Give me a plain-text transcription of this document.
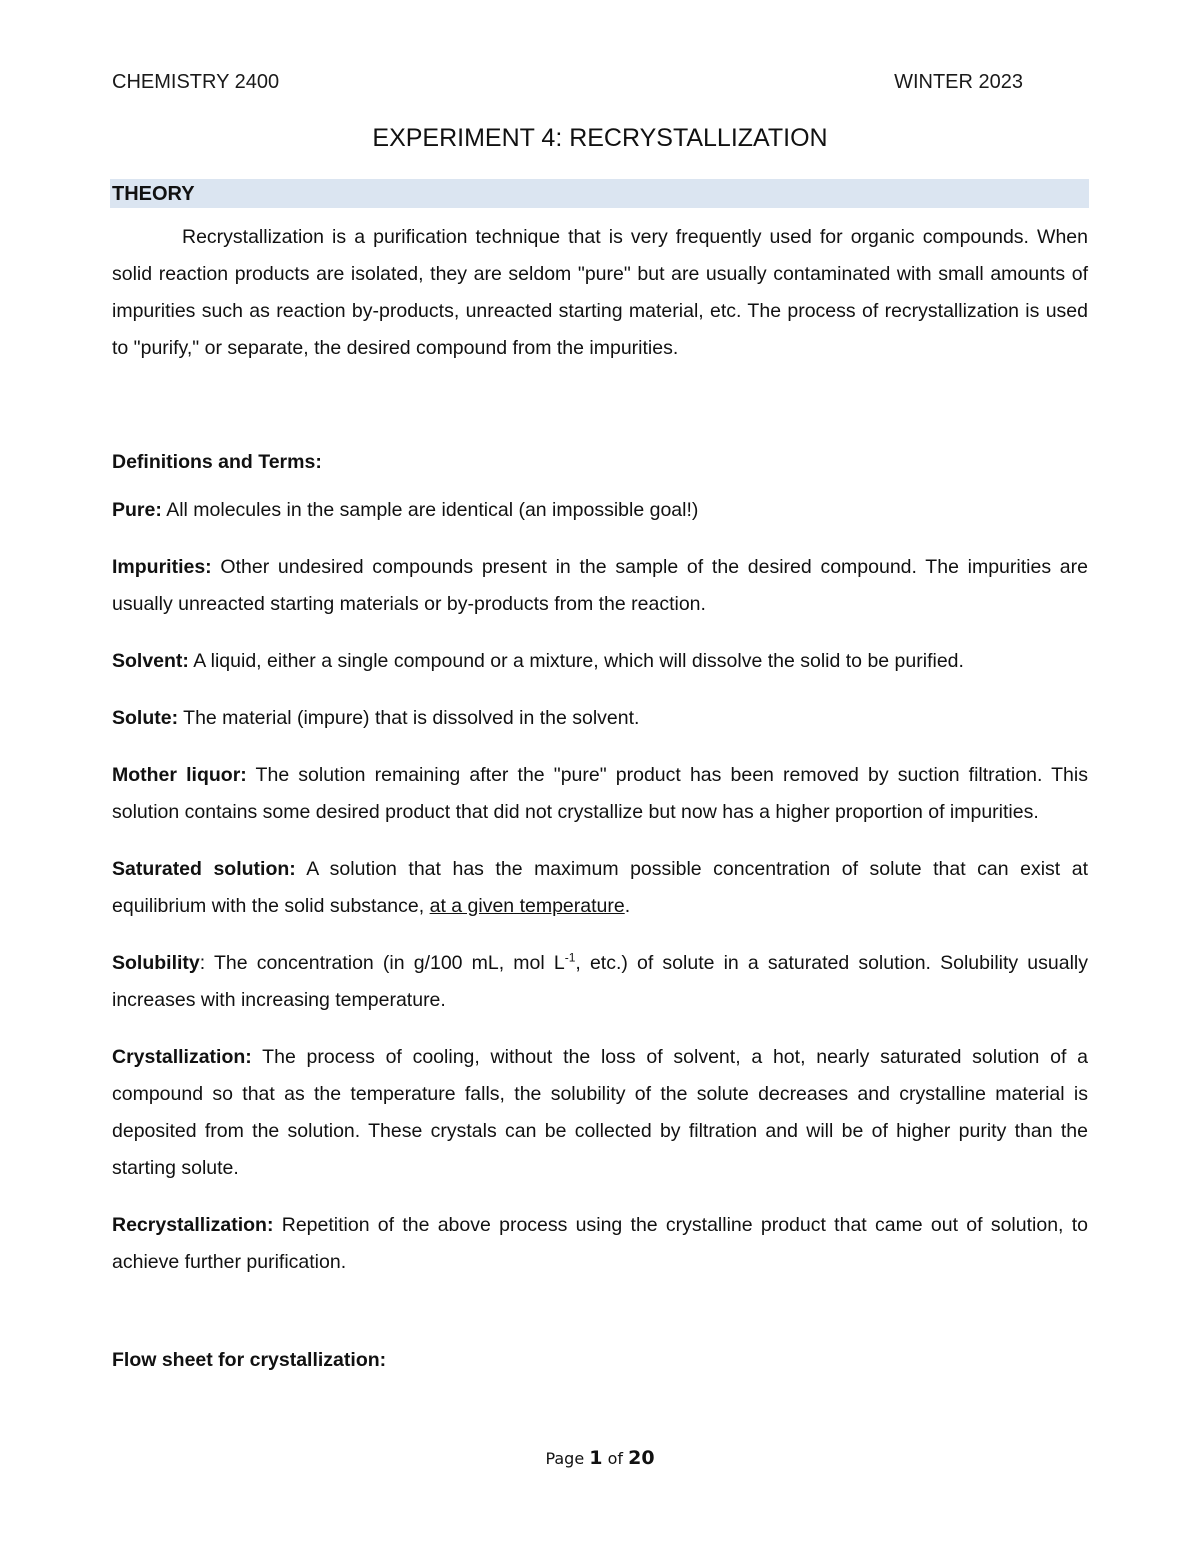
CHEMISTRY 2400	WINTER 2023
EXPERIMENT 4: RECRYSTALLIZATION
THEORY

Recrystallization is a purification technique that is very frequently used for organic compounds. When solid reaction products are isolated, they are seldom "pure" but are usually contaminated with small amounts of impurities such as reaction by-products, unreacted starting material, etc. The process of recrystallization is used to "purify," or separate, the desired compound from the impurities.

Definitions and Terms:

Pure: All molecules in the sample are identical (an impossible goal!)

Impurities: Other undesired compounds present in the sample of the desired compound. The impurities are usually unreacted starting materials or by-products from the reaction.

Solvent: A liquid, either a single compound or a mixture, which will dissolve the solid to be purified.

Solute: The material (impure) that is dissolved in the solvent.

Mother liquor: The solution remaining after the "pure" product has been removed by suction filtration. This solution contains some desired product that did not crystallize but now has a higher proportion of impurities.

Saturated solution: A solution that has the maximum possible concentration of solute that can exist at equilibrium with the solid substance, at a given temperature.

Solubility: The concentration (in g/100 mL, mol $L^{-1}$, etc.) of solute in a saturated solution. Solubility usually increases with increasing temperature.

Crystallization: The process of cooling, without the loss of solvent, a hot, nearly saturated solution of a compound so that as the temperature falls, the solubility of the solute decreases and crystalline material is deposited from the solution. These crystals can be collected by filtration and will be of higher purity than the starting solute.

Recrystallization: Repetition of the above process using the crystalline product that came out of solution, to achieve further purification.

Flow sheet for crystallization:
Page 1 of 20
